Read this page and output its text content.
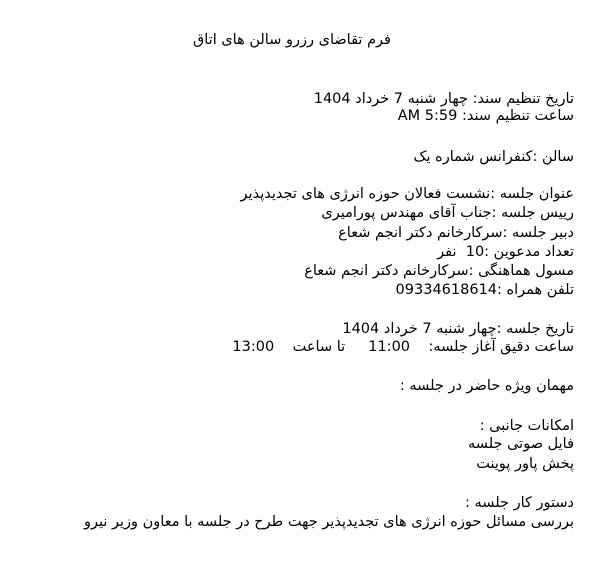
فرم تقاضای رزرو سالن های اتاق
تاریخ تنظیم سند: چهار شنبه 7 خرداد 1404
ساعت تنظیم سند: 5:59 AM
سالن :کنفرانس شماره یک
عنوان جلسه :نشست فعالان حوزه انرژی های تجدیدپذیر
رییس جلسه :جناب آقای مهندس پورامیری
دبیر جلسه :سرکارخانم دکتر انجم شعاع
تعداد مدعوین :10  نفر
مسول هماهنگی :سرکارخانم دکتر انجم شعاع
تلفن همراه :09334618614
تاریخ جلسه :چهار شنبه 7 خرداد 1404
ساعت دقیق آغاز جلسه:    11:00     تا ساعت    13:00
مهمان ویژه حاضر در جلسه :
امکانات جانبی :
فایل صوتی جلسه
پخش پاور پوینت
دستور کار جلسه :
بررسی مسائل حوزه انرژی های تجدیدپذیر جهت طرح در جلسه با معاون وزیر نیرو
